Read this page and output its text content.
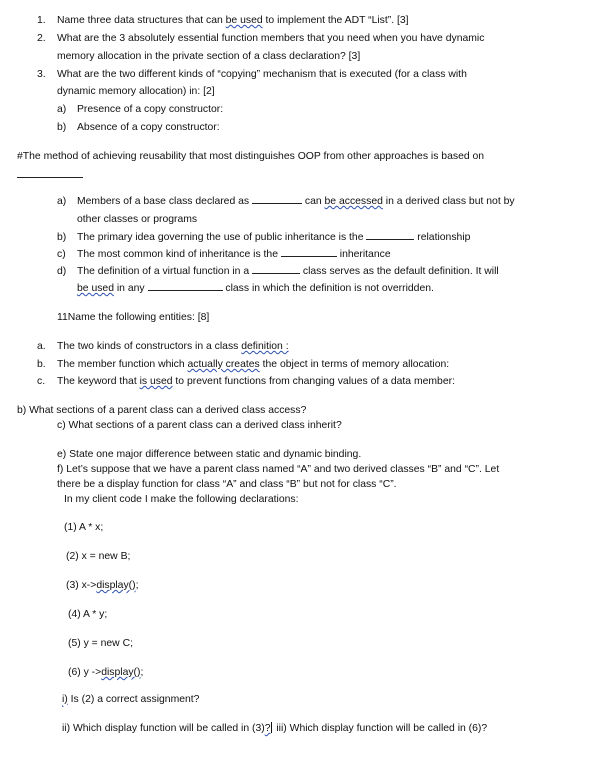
1. Name three data structures that can be used to implement the ADT “List”. [3]
2. What are the 3 absolutely essential function members that you need when you have dynamic
memory allocation in the private section of a class declaration? [3]
3. What are the two different kinds of “copying” mechanism that is executed (for a class with
dynamic memory allocation) in: [2]
a) Presence of a copy constructor:
b) Absence of a copy constructor:
#The method of achieving reusability that most distinguishes OOP from other approaches is based on
a) Members of a base class declared as	can be accessed in a derived class but not by
other classes or programs
b) The primary idea governing the use of public inheritance is the	relationship
c) The most common kind of inheritance is the	inheritance
d) The definition of a virtual function in a	class serves as the default definition. It will
be used in any	class in which the definition is not overridden.
11Name the following entities: [8]
a. The two kinds of constructors in a class definition :
b. The member function which actually creates the object in terms of memory allocation:
c. The keyword that is used to prevent functions from changing values of a data member:
b) What sections of a parent class can a derived class access?
c) What sections of a parent class can a derived class inherit?
e) State one major difference between static and dynamic binding.
f) Let’s suppose that we have a parent class named “A” and two derived classes “B” and “C”. Let
there be a display function for class “A” and class “B” but not for class “C”.
In my client code I make the following declarations:
(1) A * x;
(2) x = new B;
(3) x->display();
(4) A * y;
(5) y = new C;
(6) y ->display();
i) Is (2) a correct assignment?
ii) Which display function will be called in (3)? iii) Which display function will be called in (6)?
